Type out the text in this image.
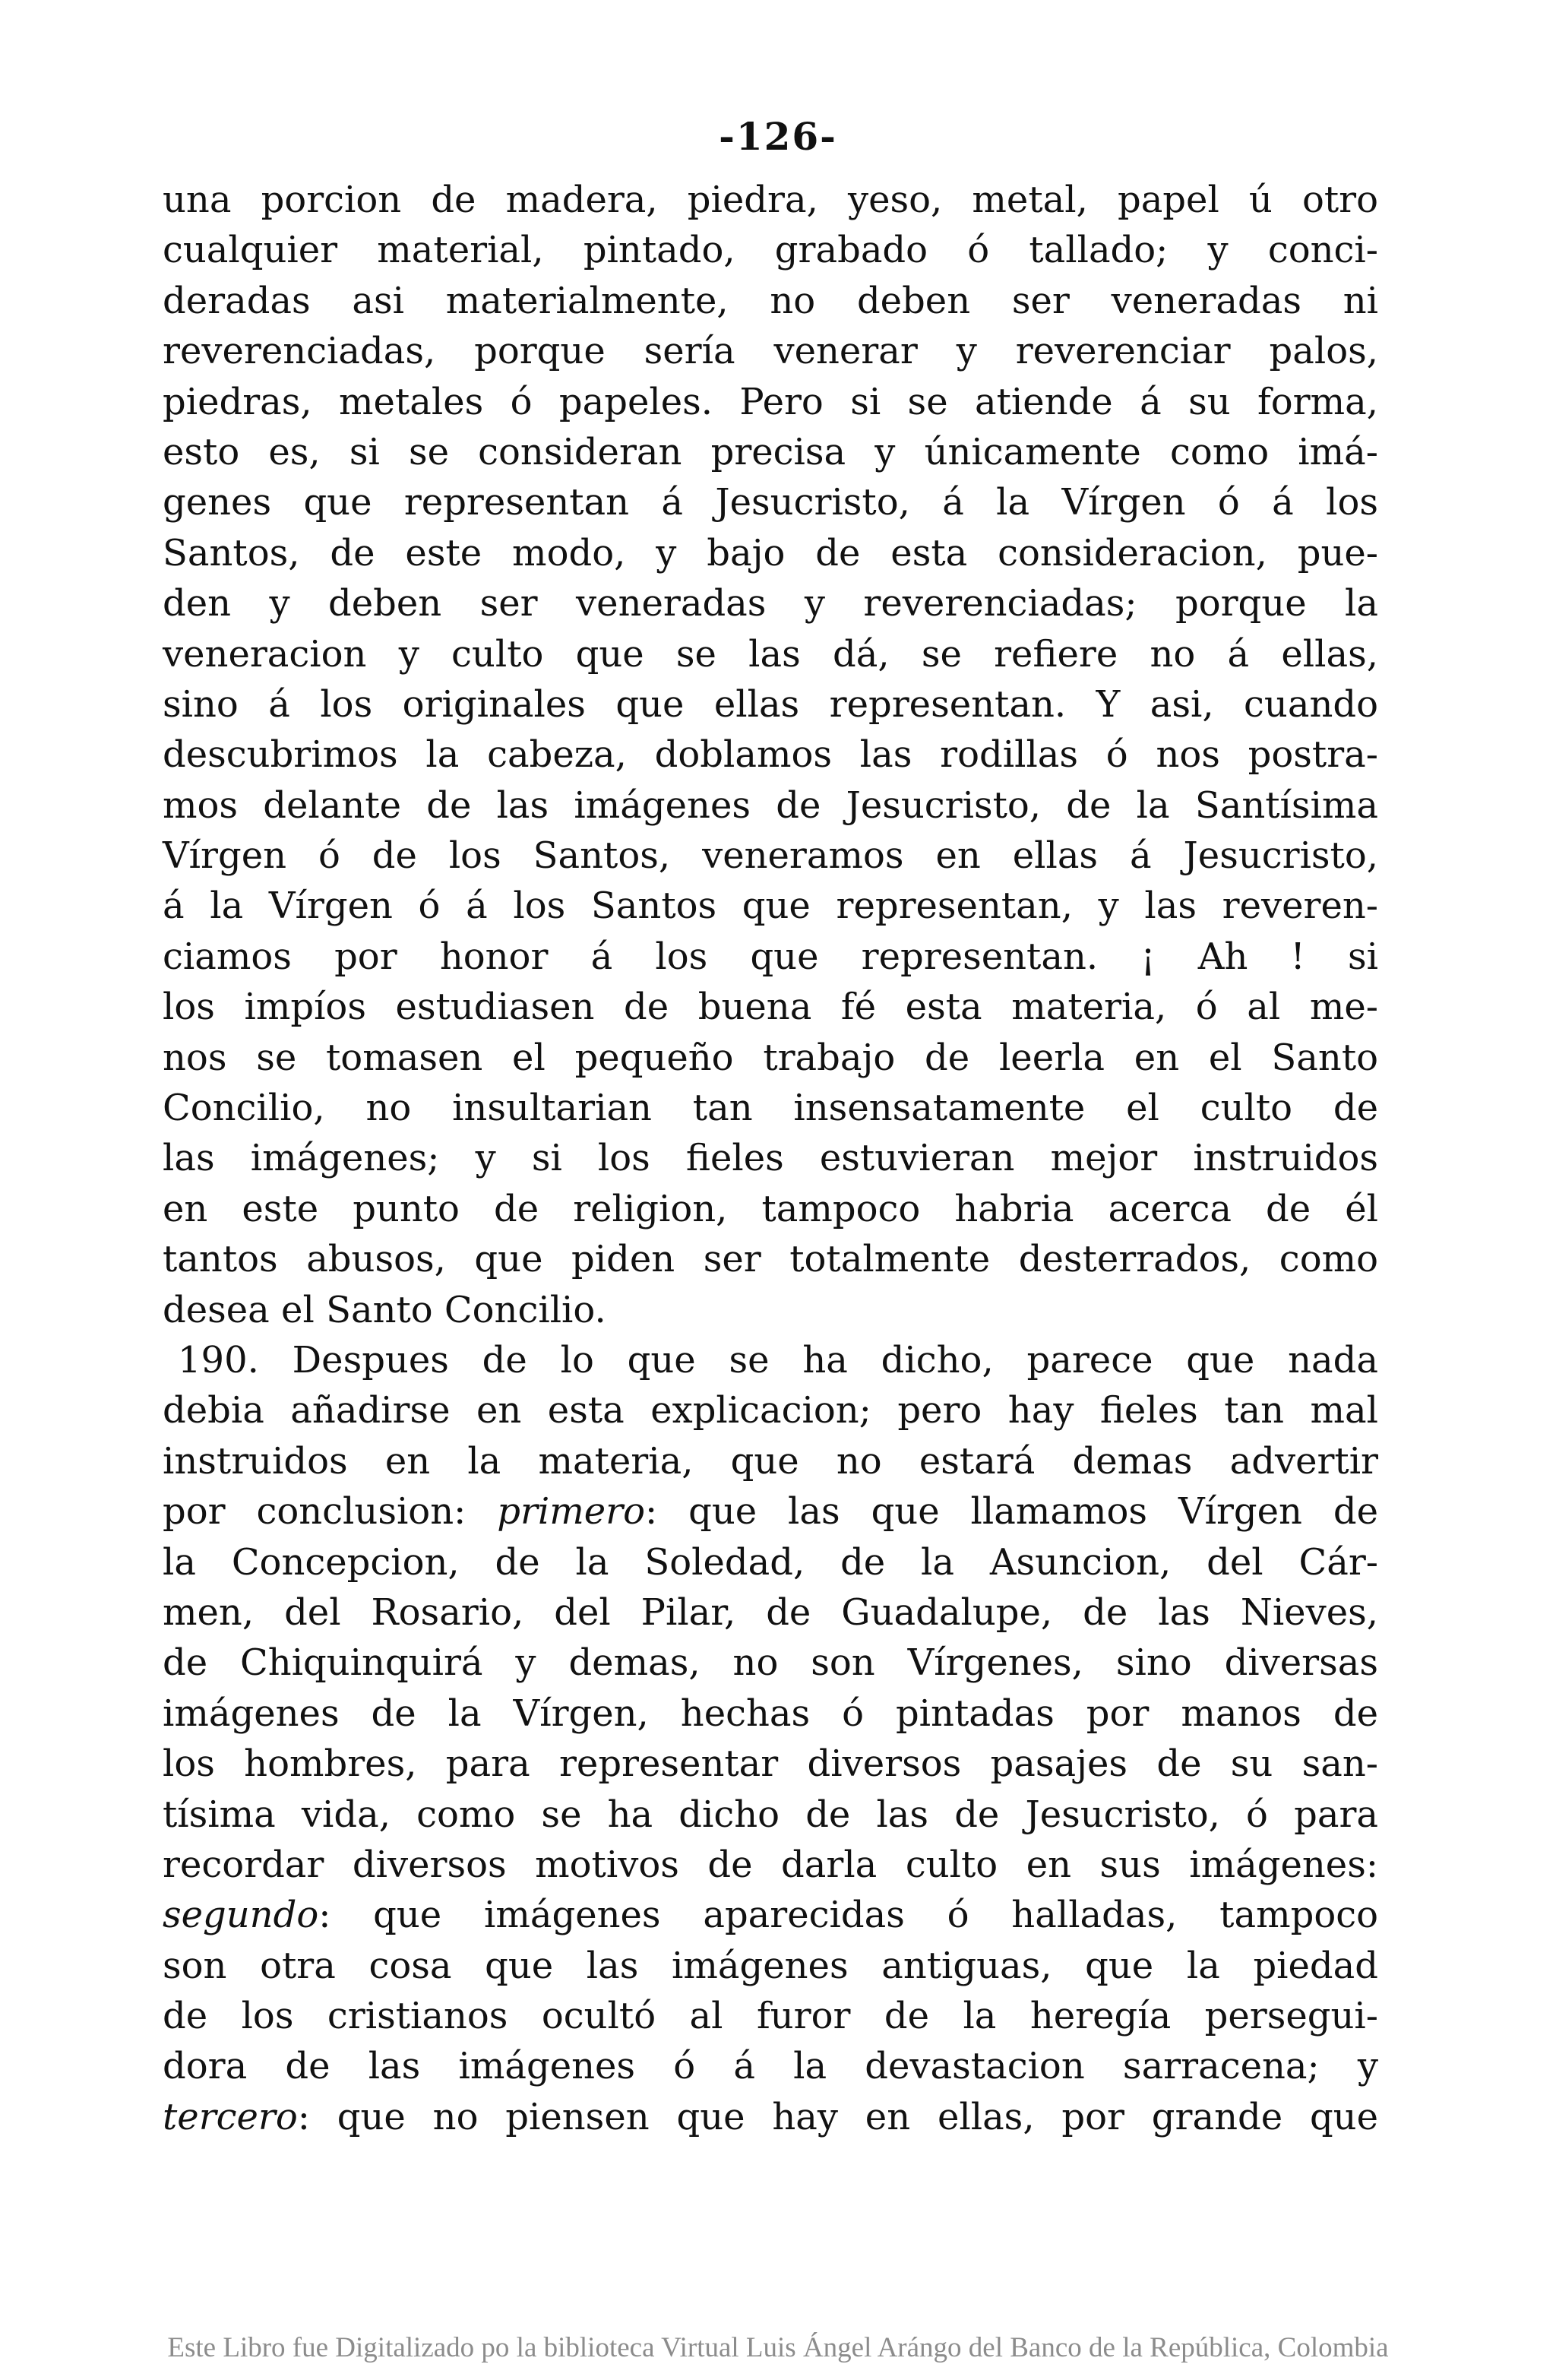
-126-
una porcion de madera, piedra, yeso, metal, papel ú otro
cualquier material, pintado, grabado ó tallado; y conci-
deradas asi materialmente, no deben ser veneradas ni
reverenciadas, porque sería venerar y reverenciar palos,
piedras, metales ó papeles. Pero si se atiende á su forma,
esto es, si se consideran precisa y únicamente como imá-
genes que representan á Jesucristo, á la Vírgen ó á los
Santos, de este modo, y bajo de esta consideracion, pue-
den y deben ser veneradas y reverenciadas; porque la
veneracion y culto que se las dá, se refiere no á ellas,
sino á los originales que ellas representan. Y asi, cuando
descubrimos la cabeza, doblamos las rodillas ó nos postra-
mos delante de las imágenes de Jesucristo, de la Santísima
Vírgen ó de los Santos, veneramos en ellas á Jesucristo,
á la Vírgen ó á los Santos que representan, y las reveren-
ciamos por honor á los que representan. ¡ Ah ! si
los impíos estudiasen de buena fé esta materia, ó al me-
nos se tomasen el pequeño trabajo de leerla en el Santo
Concilio, no insultarian tan insensatamente el culto de
las imágenes; y si los fieles estuvieran mejor instruidos
en este punto de religion, tampoco habria acerca de él
tantos abusos, que piden ser totalmente desterrados, como
desea el Santo Concilio.
190. Despues de lo que se ha dicho, parece que nada
debia añadirse en esta explicacion; pero hay fieles tan mal
instruidos en la materia, que no estará demas advertir
por conclusion: primero: que las que llamamos Vírgen de
la Concepcion, de la Soledad, de la Asuncion, del Cár-
men, del Rosario, del Pilar, de Guadalupe, de las Nieves,
de Chiquinquirá y demas, no son Vírgenes, sino diversas
imágenes de la Vírgen, hechas ó pintadas por manos de
los hombres, para representar diversos pasajes de su san-
tísima vida, como se ha dicho de las de Jesucristo, ó para
recordar diversos motivos de darla culto en sus imágenes:
segundo: que imágenes aparecidas ó halladas, tampoco
son otra cosa que las imágenes antiguas, que la piedad
de los cristianos ocultó al furor de la heregía persegui-
dora de las imágenes ó á la devastacion sarracena; y
tercero: que no piensen que hay en ellas, por grande que
Este Libro fue Digitalizado po la biblioteca Virtual Luis Ángel Arángo del Banco de la República, Colombia
